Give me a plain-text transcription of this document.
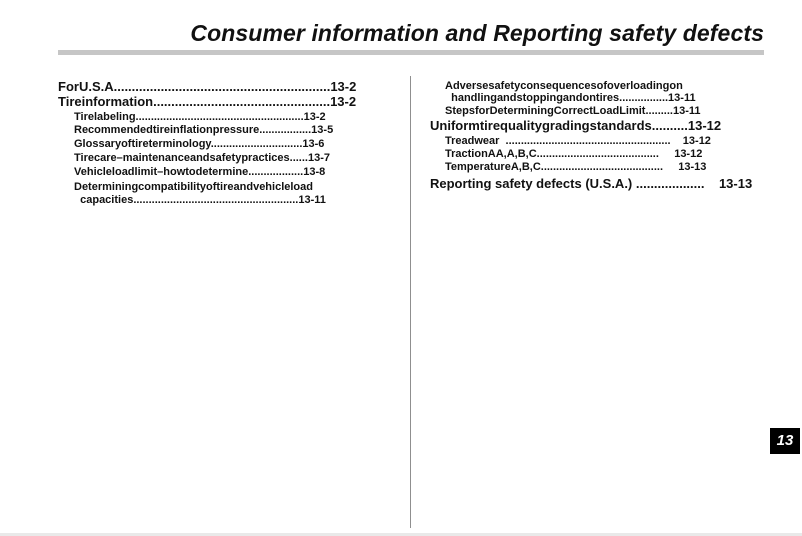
Consumer information and Reporting safety defects
ForU.S.A............................................................13-2
Tireinformation.................................................13-2
Tirelabeling.......................................................13-2
Recommendedtireinflationpressure.................13-5
Glossaryoftireterminology..............................13-6
Tirecare–maintenanceandsafetypractices......13-7
Vehicleloadlimit–howtodetermine..................13-8
Determiningcompatibilityoftireandvehicleload
capacities......................................................13-11
Adversesafetyconsequencesofoverloadingon
handlingandstoppingandontires................13-11
StepsforDeterminingCorrectLoadLimit.........13-11
Uniformtirequalitygradingstandards..........13-12
Treadwear  ......................................................    13-12
TractionAA,A,B,C........................................     13-12
TemperatureA,B,C........................................     13-13
Reporting safety defects (U.S.A.) ...................    13-13
13
